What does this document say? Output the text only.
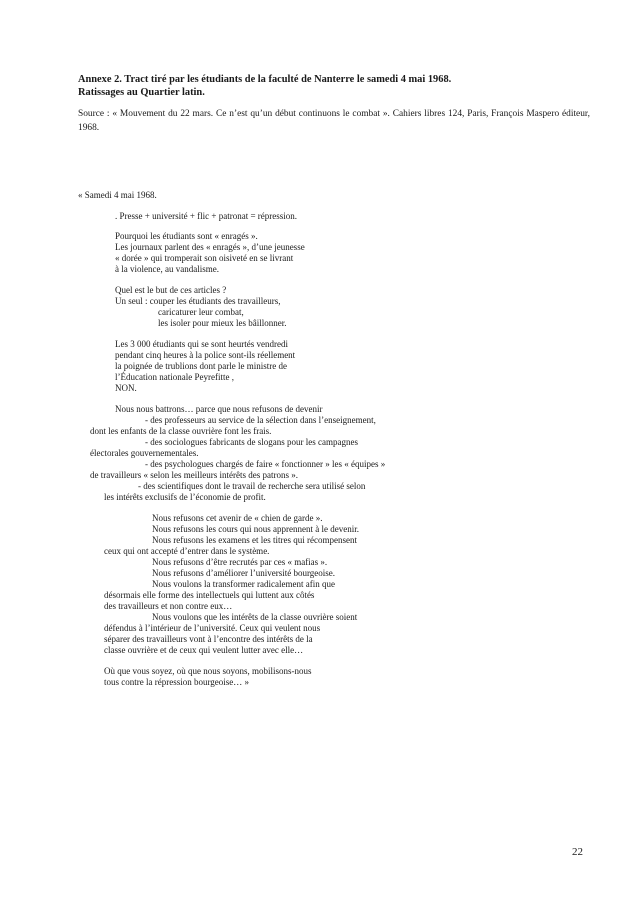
Annexe 2. Tract tiré par les étudiants de la faculté de Nanterre le samedi 4 mai 1968.
Ratissages au Quartier latin.
Source : « Mouvement du 22 mars. Ce n’est qu’un début continuons le combat ». Cahiers libres 124, Paris, François Maspero éditeur, 1968.
« Samedi 4 mai 1968.
. Presse + université + flic + patronat = répression.
Pourquoi les étudiants sont « enragés ».
Les journaux parlent des « enragés », d’une jeunesse
« dorée » qui tromperait son oisiveté en se livrant
à la violence, au vandalisme.
Quel est le but de ces articles ?
Un seul : couper les étudiants des travailleurs,
caricaturer leur combat,
les isoler pour mieux les bâillonner.
Les 3 000 étudiants qui se sont heurtés vendredi
pendant cinq heures à la police sont-ils réellement
la poignée de trublions dont parle le ministre de
l’Éducation nationale Peyrefitte ,
NON.
Nous nous battrons… parce que nous refusons de devenir
- des professeurs au service de la sélection dans l’enseignement,
dont les enfants de la classe ouvrière font les frais.
- des sociologues fabricants de slogans pour les campagnes
électorales gouvernementales.
- des psychologues chargés de faire « fonctionner » les « équipes »
de travailleurs « selon les meilleurs intérêts des patrons ».
- des scientifiques dont le travail de recherche sera utilisé selon
les intérêts exclusifs de l’économie de profit.
Nous refusons cet avenir de « chien de garde ».
Nous refusons les cours qui nous apprennent à le devenir.
Nous refusons les examens et les titres qui récompensent
ceux qui ont accepté d’entrer dans le système.
Nous refusons d’être recrutés par ces « mafias ».
Nous refusons d’améliorer l’université bourgeoise.
Nous voulons la transformer radicalement afin que
désormais elle forme des intellectuels qui luttent aux côtés
des travailleurs et non contre eux…
Nous voulons que les intérêts de la classe ouvrière soient
défendus à l’intérieur de l’université. Ceux qui veulent nous
séparer des travailleurs vont à l’encontre des intérêts de la
classe ouvrière et de ceux qui veulent lutter avec elle…
Où que vous soyez, où que nous soyons, mobilisons-nous
tous contre la répression bourgeoise… »
22
